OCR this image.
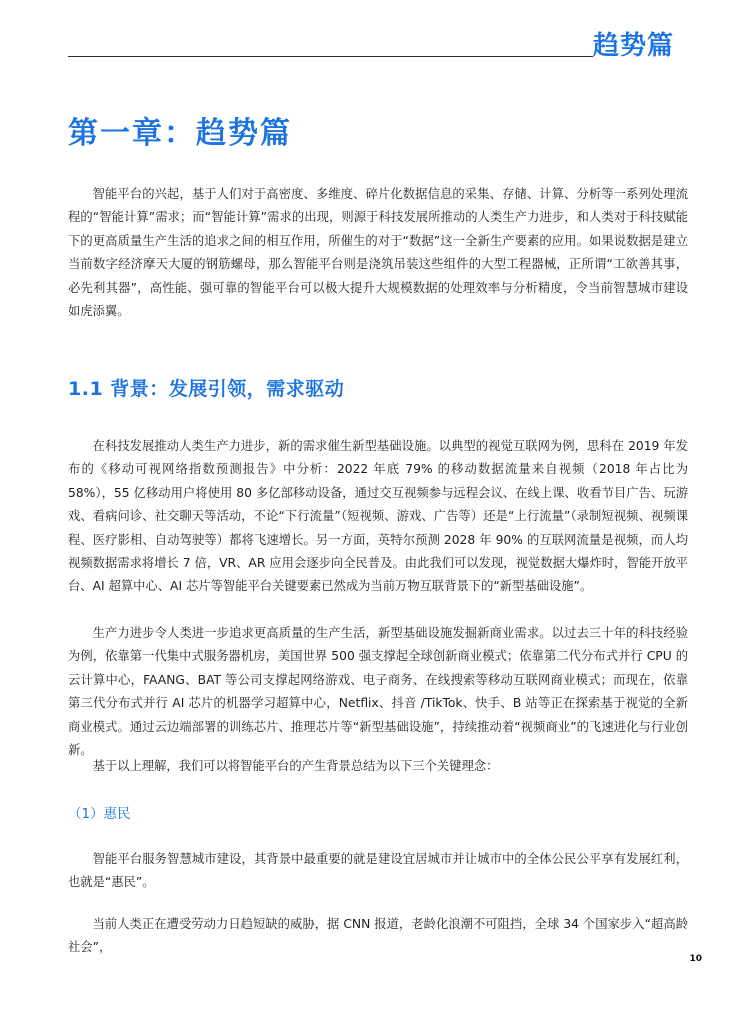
趋势篇
第一章：趋势篇

智能平台的兴起，基于人们对于高密度、多维度、碎片化数据信息的采集、存储、计算、分析等一系列处理流程的“智能计算”需求；而“智能计算”需求的出现，则源于科技发展所推动的人类生产力进步，和人类对于科技赋能下的更高质量生产生活的追求之间的相互作用，所催生的对于“数据”这一全新生产要素的应用。如果说数据是建立当前数字经济摩天大厦的钢筋螺母，那么智能平台则是浇筑吊装这些组件的大型工程器械，正所谓“工欲善其事，必先利其器”，高性能、强可靠的智能平台可以极大提升大规模数据的处理效率与分析精度，令当前智慧城市建设如虎添翼。

1.1 背景：发展引领，需求驱动

在科技发展推动人类生产力进步，新的需求催生新型基础设施。以典型的视觉互联网为例，思科在 2019 年发布的《移动可视网络指数预测报告》中分析：2022 年底 79% 的移动数据流量来自视频（2018 年占比为 58%），55 亿移动用户将使用 80 多亿部移动设备，通过交互视频参与远程会议、在线上课、收看节目广告、玩游戏、看病问诊、社交聊天等活动，不论“下行流量”（短视频、游戏、广告等）还是“上行流量”（录制短视频、视频课程、医疗影相、自动驾驶等）都将飞速增长。另一方面，英特尔预测 2028 年 90% 的互联网流量是视频，而人均视频数据需求将增长 7 倍，VR、AR 应用会逐步向全民普及。由此我们可以发现，视觉数据大爆炸时，智能开放平台、AI 超算中心、AI 芯片等智能平台关键要素已然成为当前万物互联背景下的“新型基础设施”。

生产力进步令人类进一步追求更高质量的生产生活，新型基础设施发掘新商业需求。以过去三十年的科技经验为例，依靠第一代集中式服务器机房，美国世界 500 强支撑起全球创新商业模式；依靠第二代分布式并行 CPU 的云计算中心，FAANG、BAT 等公司支撑起网络游戏、电子商务、在线搜索等移动互联网商业模式；而现在，依靠第三代分布式并行 AI 芯片的机器学习超算中心，Netflix、抖音 /TikTok、快手、B 站等正在探索基于视觉的全新商业模式。通过云边端部署的训练芯片、推理芯片等“新型基础设施”，持续推动着“视频商业”的飞速进化与行业创新。

基于以上理解，我们可以将智能平台的产生背景总结为以下三个关键理念：

（1）惠民

智能平台服务智慧城市建设，其背景中最重要的就是建设宜居城市并让城市中的全体公民公平享有发展红利，也就是“惠民”。

当前人类正在遭受劳动力日趋短缺的威胁，据 CNN 报道，老龄化浪潮不可阻挡，全球 34 个国家步入“超高龄社会”，

10
